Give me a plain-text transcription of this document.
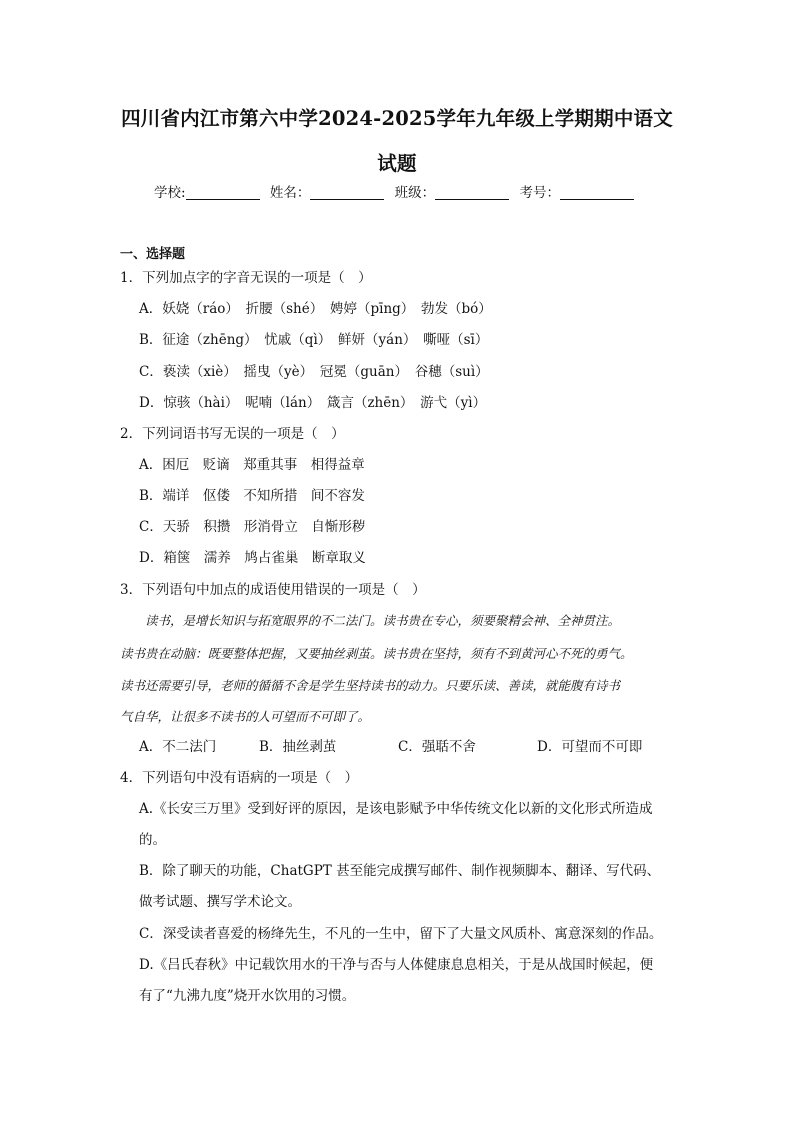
四川省内江市第六中学2024-2025学年九年级上学期期中语文
试题
学校:	姓名：	班级：	考号：
一、选择题
1．下列加点字的字音无误的一项是（　）
A．妖娆（ráo）　折腰（shé）　娉婷（pīng）　勃发（bó）
B．征途（zhēng）　忧戚（qì）　鲜妍（yán）　嘶哑（sī）
C．亵渎（xiè）　摇曳（yè）　冠冕（guān）　谷穗（suì）
D．惊骇（hài）　呢喃（lán）　箴言（zhēn）　游弋（yì）
2．下列词语书写无误的一项是（　）
A．困厄　贬谪　郑重其事　相得益章
B．端详　伛偻　不知所措　间不容发
C．天骄　积攒　形消骨立　自惭形秽
D．箱箧　濡养　鸠占雀巢　断章取义
3．下列语句中加点的成语使用错误的一项是（　）
　　读书，是增长知识与拓宽眼界的不二法门。读书贵在专心，须要聚精会神、全神贯注。
读书贵在动脑：既要整体把握，又要抽丝剥茧。读书贵在坚持，须有不到黄河心不死的勇气。
读书还需要引导，老师的循循不舍是学生坚持读书的动力。只要乐读、善读，就能腹有诗书
气自华，让很多不读书的人可望而不可即了。
A．不二法门	B．抽丝剥茧	C．强聒不舍	D．可望而不可即
4．下列语句中没有语病的一项是（　）
A.《长安三万里》受到好评的原因，是该电影赋予中华传统文化以新的文化形式所造成
的。
B．除了聊天的功能，ChatGPT 甚至能完成撰写邮件、制作视频脚本、翻译、写代码、
做考试题、撰写学术论文。
C．深受读者喜爱的杨绛先生，不凡的一生中，留下了大量文风质朴、寓意深刻的作品。
D.《吕氏春秋》中记载饮用水的干净与否与人体健康息息相关，于是从战国时候起，便
有了“九沸九度”烧开水饮用的习惯。
